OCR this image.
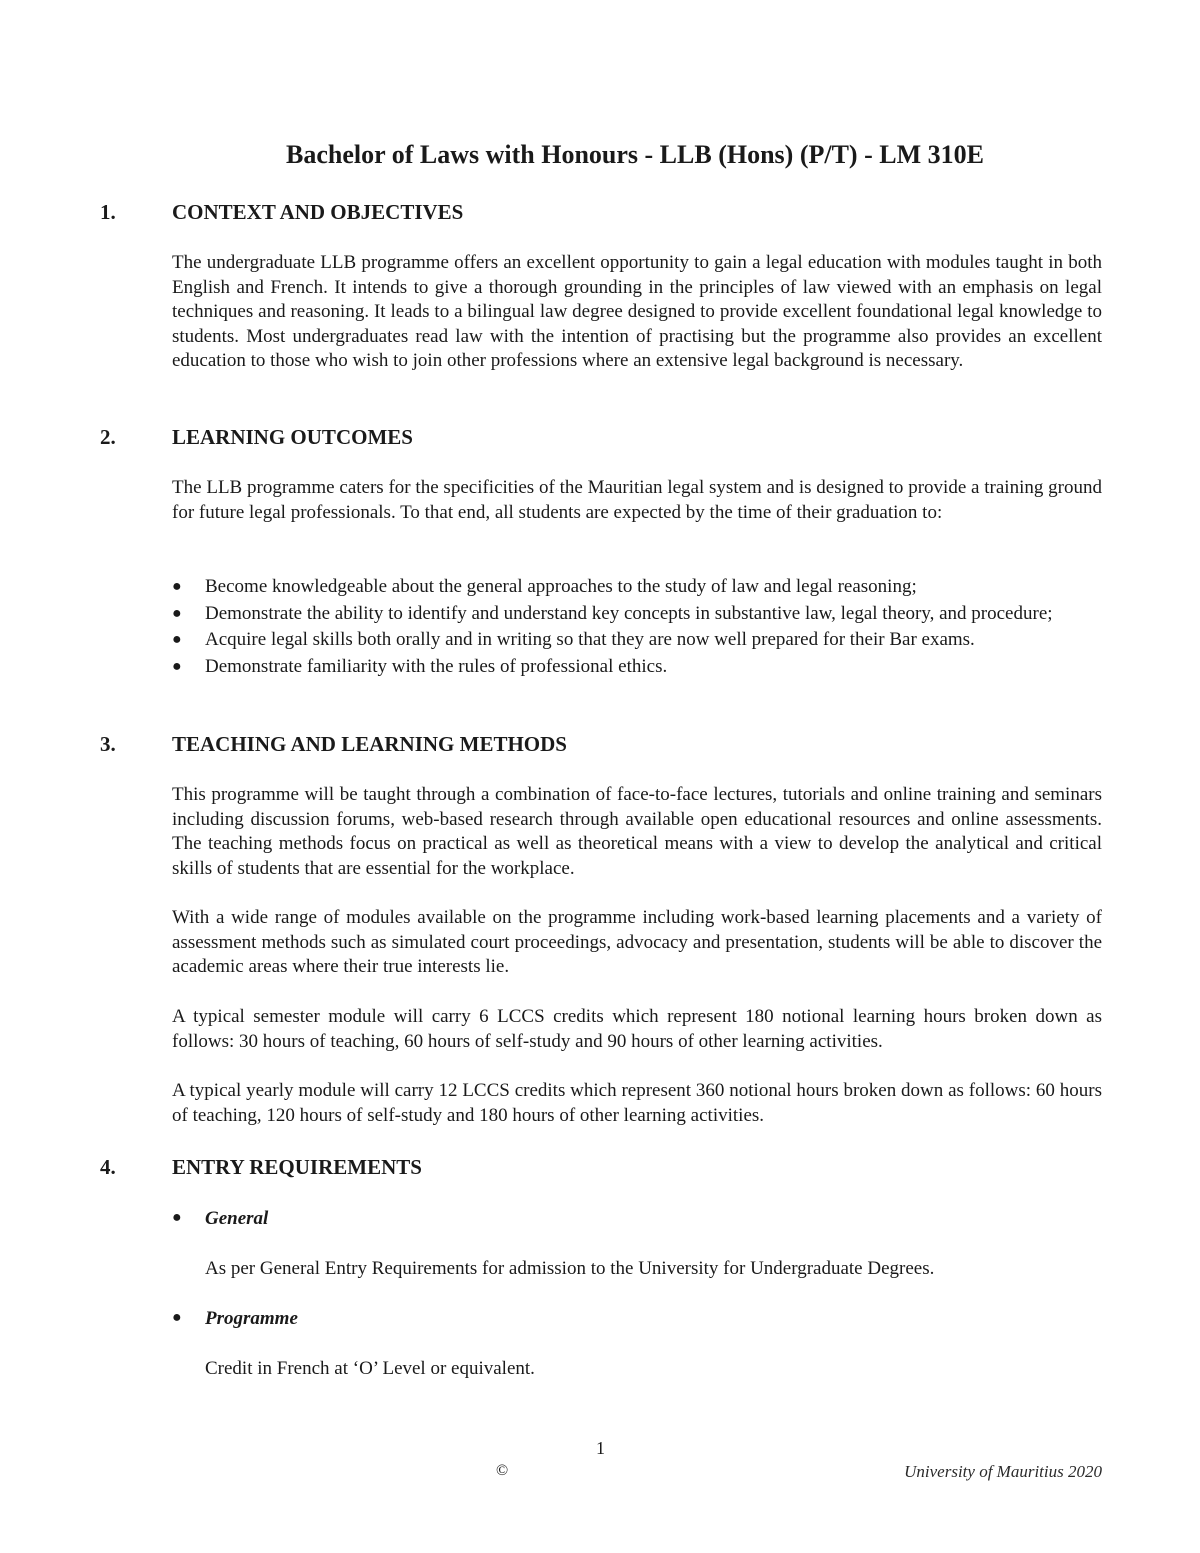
Bachelor of Laws with Honours - LLB (Hons) (P/T) - LM 310E
1.	CONTEXT AND OBJECTIVES
The undergraduate LLB programme offers an excellent opportunity to gain a legal education with modules taught in both English and French. It intends to give a thorough grounding in the principles of law viewed with an emphasis on legal techniques and reasoning. It leads to a bilingual law degree designed to provide excellent foundational legal knowledge to students. Most undergraduates read law with the intention of practising but the programme also provides an excellent education to those who wish to join other professions where an extensive legal background is necessary.
2.	LEARNING OUTCOMES
The LLB programme caters for the specificities of the Mauritian legal system and is designed to provide a training ground for future legal professionals. To that end, all students are expected by the time of their graduation to:
● Become knowledgeable about the general approaches to the study of law and legal reasoning;
● Demonstrate the ability to identify and understand key concepts in substantive law, legal theory, and procedure;
● Acquire legal skills both orally and in writing so that they are now well prepared for their Bar exams.
● Demonstrate familiarity with the rules of professional ethics.
3.	TEACHING AND LEARNING METHODS
This programme will be taught through a combination of face-to-face lectures, tutorials and online training and seminars including discussion forums, web-based research through available open educational resources and online assessments. The teaching methods focus on practical as well as theoretical means with a view to develop the analytical and critical skills of students that are essential for the workplace.
With a wide range of modules available on the programme including work-based learning placements and a variety of assessment methods such as simulated court proceedings, advocacy and presentation, students will be able to discover the academic areas where their true interests lie.
A typical semester module will carry 6 LCCS credits which represent 180 notional learning hours broken down as follows: 30 hours of teaching, 60 hours of self-study and 90 hours of other learning activities.
A typical yearly module will carry 12 LCCS credits which represent 360 notional hours broken down as follows: 60 hours of teaching, 120 hours of self-study and 180 hours of other learning activities.
4.	ENTRY REQUIREMENTS
● General
As per General Entry Requirements for admission to the University for Undergraduate Degrees.
● Programme
Credit in French at ‘O’ Level or equivalent.
1
©	University of Mauritius 2020
